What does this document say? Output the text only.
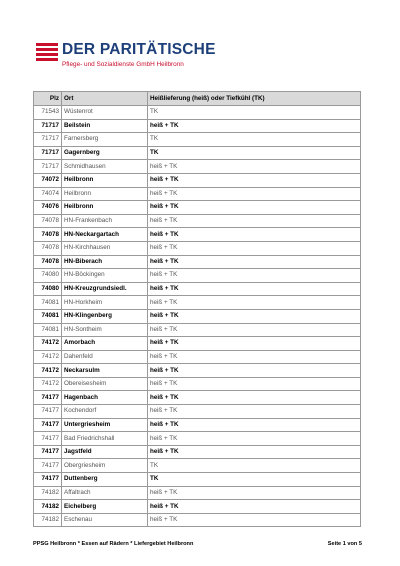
DER PARITÄTISCHE
Pflege- und Sozialdienste GmbH Heilbronn
Plz	Ort	Heißlieferung (heiß) oder Tiefkühl (TK)
71543	Wüstenrot	TK
71717	Beilstein	heiß + TK
71717	Farnersberg	TK
71717	Gagernberg	TK
71717	Schmidhausen	heiß + TK
74072	Heilbronn	heiß + TK
74074	Heilbronn	heiß + TK
74076	Heilbronn	heiß + TK
74078	HN-Frankenbach	heiß + TK
74078	HN-Neckargartach	heiß + TK
74078	HN-Kirchhausen	heiß + TK
74078	HN-Biberach	heiß + TK
74080	HN-Böckingen	heiß + TK
74080	HN-Kreuzgrundsiedl.	heiß + TK
74081	HN-Horkheim	heiß + TK
74081	HN-Klingenberg	heiß + TK
74081	HN-Sontheim	heiß + TK
74172	Amorbach	heiß + TK
74172	Dahenfeld	heiß + TK
74172	Neckarsulm	heiß + TK
74172	Obereisesheim	heiß + TK
74177	Hagenbach	heiß + TK
74177	Kochendorf	heiß + TK
74177	Untergriesheim	heiß + TK
74177	Bad Friedrichshall	heiß + TK
74177	Jagstfeld	heiß + TK
74177	Obergriesheim	TK
74177	Duttenberg	TK
74182	Affaltrach	heiß + TK
74182	Eichelberg	heiß + TK
74182	Eschenau	heiß + TK
PPSG Heilbronn * Essen auf Rädern * Liefergebiet Heilbronn	Seite 1 von 5
